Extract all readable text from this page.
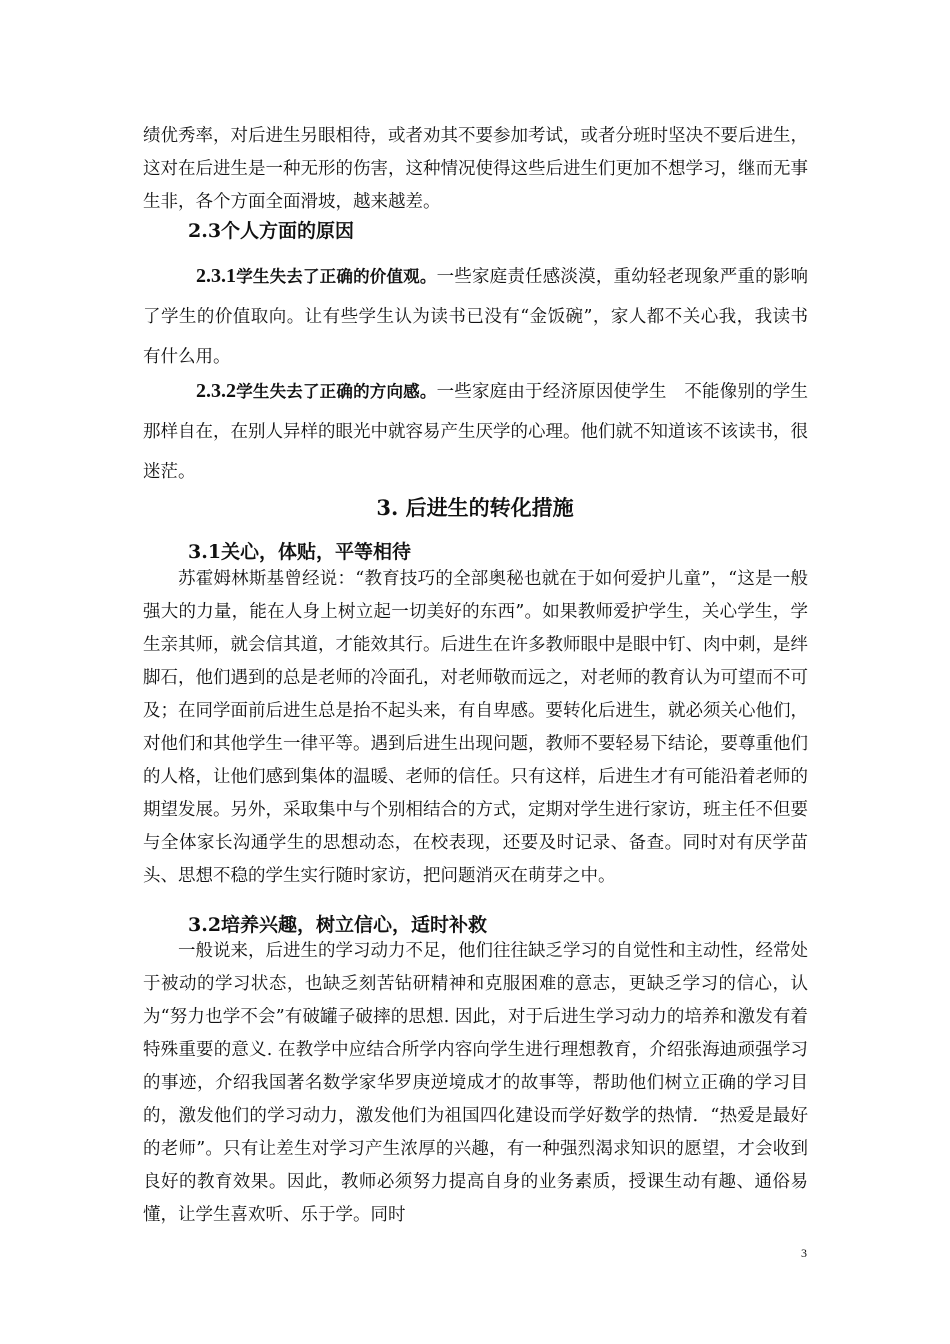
绩优秀率，对后进生另眼相待，或者劝其不要参加考试，或者分班时坚决不要后进生，这对在后进生是一种无形的伤害，这种情况使得这些后进生们更加不想学习，继而无事生非，各个方面全面滑坡，越来越差。

2.3个人方面的原因

2.3.1学生失去了正确的价值观。一些家庭责任感淡漠，重幼轻老现象严重的影响了学生的价值取向。让有些学生认为读书已没有“金饭碗”，家人都不关心我，我读书有什么用。

2.3.2学生失去了正确的方向感。一些家庭由于经济原因使学生　不能像别的学生那样自在，在别人异样的眼光中就容易产生厌学的心理。他们就不知道该不该读书，很迷茫。

3. 后进生的转化措施

3.1关心，体贴，平等相待

苏霍姆林斯基曾经说：“教育技巧的全部奥秘也就在于如何爱护儿童”，“这是一般强大的力量，能在人身上树立起一切美好的东西”。如果教师爱护学生，关心学生，学生亲其师，就会信其道，才能效其行。后进生在许多教师眼中是眼中钉、肉中刺，是绊脚石，他们遇到的总是老师的冷面孔，对老师敬而远之，对老师的教育认为可望而不可及；在同学面前后进生总是抬不起头来，有自卑感。要转化后进生，就必须关心他们，对他们和其他学生一律平等。遇到后进生出现问题，教师不要轻易下结论，要尊重他们的人格，让他们感到集体的温暖、老师的信任。只有这样，后进生才有可能沿着老师的期望发展。另外，采取集中与个别相结合的方式，定期对学生进行家访，班主任不但要与全体家长沟通学生的思想动态，在校表现，还要及时记录、备查。同时对有厌学苗头、思想不稳的学生实行随时家访，把问题消灭在萌芽之中。

3.2培养兴趣，树立信心，适时补救

一般说来，后进生的学习动力不足，他们往往缺乏学习的自觉性和主动性，经常处于被动的学习状态，也缺乏刻苦钻研精神和克服困难的意志，更缺乏学习的信心，认为“努力也学不会”有破罐子破摔的思想. 因此，对于后进生学习动力的培养和激发有着特殊重要的意义. 在教学中应结合所学内容向学生进行理想教育，介绍张海迪顽强学习的事迹，介绍我国著名数学家华罗庚逆境成才的故事等，帮助他们树立正确的学习目的，激发他们的学习动力，激发他们为祖国四化建设而学好数学的热情．“热爱是最好的老师”。只有让差生对学习产生浓厚的兴趣，有一种强烈渴求知识的愿望，才会收到良好的教育效果。因此，教师必须努力提高自身的业务素质，授课生动有趣、通俗易懂，让学生喜欢听、乐于学。同时

3
